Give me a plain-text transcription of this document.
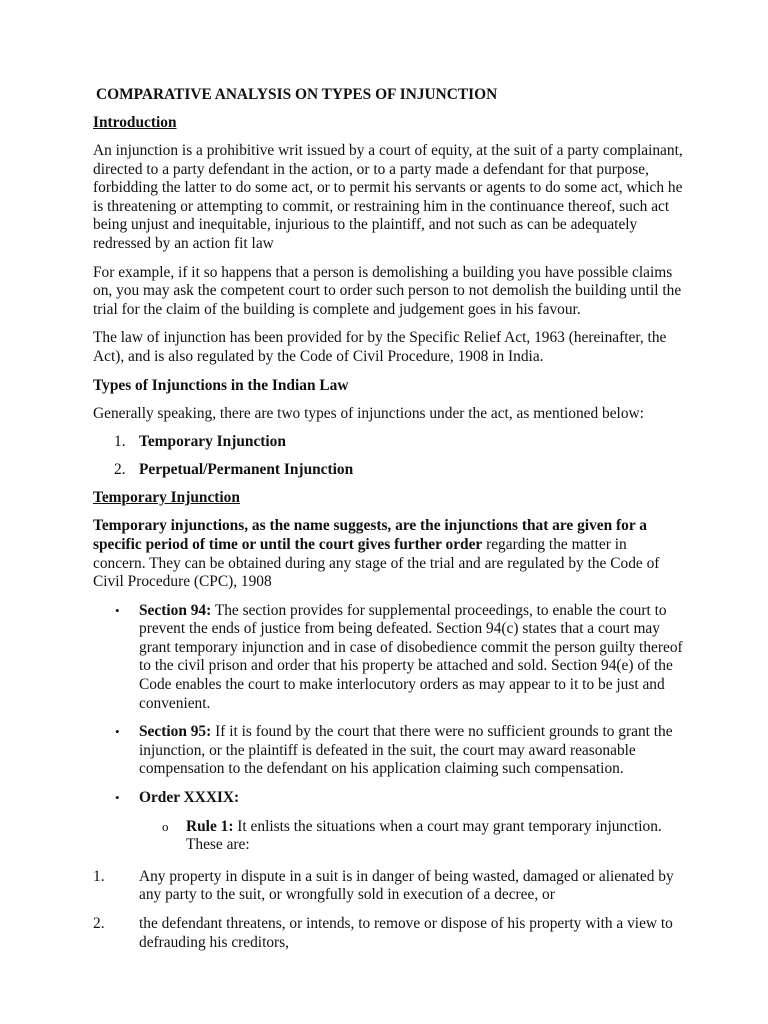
COMPARATIVE ANALYSIS ON TYPES OF INJUNCTION
Introduction

An injunction is a prohibitive writ issued by a court of equity, at the suit of a party complainant, directed to a party defendant in the action, or to a party made a defendant for that purpose, forbidding the latter to do some act, or to permit his servants or agents to do some act, which he is threatening or attempting to commit, or restraining him in the continuance thereof, such act being unjust and inequitable, injurious to the plaintiff, and not such as can be adequately redressed by an action fit law

For example, if it so happens that a person is demolishing a building you have possible claims on, you may ask the competent court to order such person to not demolish the building until the trial for the claim of the building is complete and judgement goes in his favour.

The law of injunction has been provided for by the Specific Relief Act, 1963 (hereinafter, the Act), and is also regulated by the Code of Civil Procedure, 1908 in India.

Types of Injunctions in the Indian Law

Generally speaking, there are two types of injunctions under the act, as mentioned below:

1. Temporary Injunction
2. Perpetual/Permanent Injunction
Temporary Injunction

Temporary injunctions, as the name suggests, are the injunctions that are given for a specific period of time or until the court gives further order regarding the matter in concern. They can be obtained during any stage of the trial and are regulated by the Code of Civil Procedure (CPC), 1908

• Section 94: The section provides for supplemental proceedings, to enable the court to prevent the ends of justice from being defeated. Section 94(c) states that a court may grant temporary injunction and in case of disobedience commit the person guilty thereof to the civil prison and order that his property be attached and sold. Section 94(e) of the Code enables the court to make interlocutory orders as may appear to it to be just and convenient.
• Section 95: If it is found by the court that there were no sufficient grounds to grant the injunction, or the plaintiff is defeated in the suit, the court may award reasonable compensation to the defendant on his application claiming such compensation.
• Order XXXIX:
o Rule 1: It enlists the situations when a court may grant temporary injunction. These are:
1. Any property in dispute in a suit is in danger of being wasted, damaged or alienated by any party to the suit, or wrongfully sold in execution of a decree, or
2. the defendant threatens, or intends, to remove or dispose of his property with a view to defrauding his creditors,
